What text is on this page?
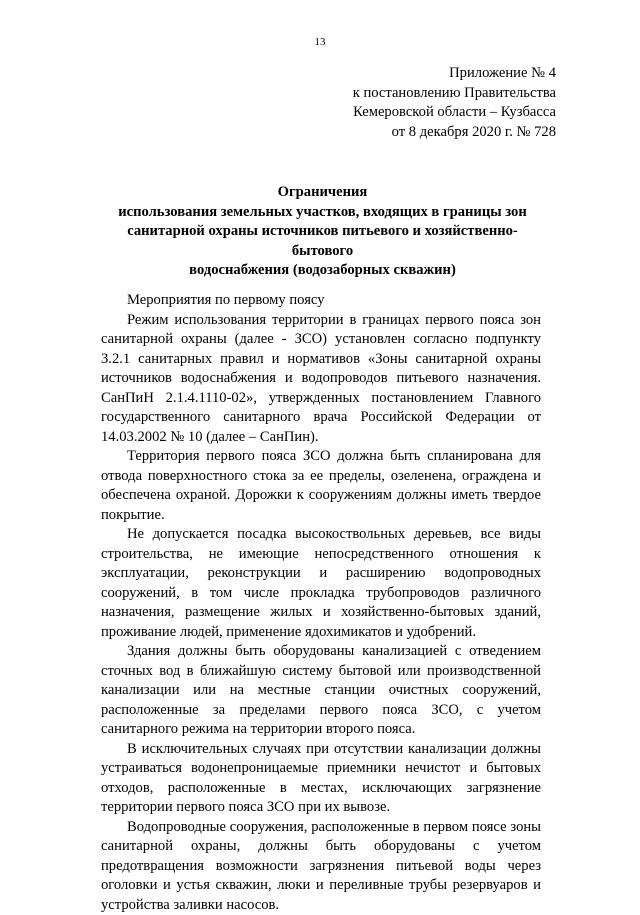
13
Приложение № 4
к постановлению Правительства
Кемеровской области – Кузбасса
от 8 декабря 2020 г. № 728
Ограничения
использования земельных участков, входящих в границы зон
санитарной охраны источников питьевого и хозяйственно-бытового
водоснабжения (водозаборных скважин)

Мероприятия по первому поясу

Режим использования территории в границах первого пояса зон санитарной охраны (далее - ЗСО) установлен согласно подпункту 3.2.1 санитарных правил и нормативов «Зоны санитарной охраны источников водоснабжения и водопроводов питьевого назначения. СанПиН 2.1.4.1110-02», утвержденных постановлением Главного государственного санитарного врача Российской Федерации от 14.03.2002 № 10 (далее – СанПин).

Территория первого пояса ЗСО должна быть спланирована для отвода поверхностного стока за ее пределы, озеленена, ограждена и обеспечена охраной. Дорожки к сооружениям должны иметь твердое покрытие.

Не допускается посадка высокоствольных деревьев, все виды строительства, не имеющие непосредственного отношения к эксплуатации, реконструкции и расширению водопроводных сооружений, в том числе прокладка трубопроводов различного назначения, размещение жилых и хозяйственно-бытовых зданий, проживание людей, применение ядохимикатов и удобрений.

Здания должны быть оборудованы канализацией с отведением сточных вод в ближайшую систему бытовой или производственной канализации или на местные станции очистных сооружений, расположенные за пределами первого пояса ЗСО, с учетом санитарного режима на территории второго пояса.

В исключительных случаях при отсутствии канализации должны устраиваться водонепроницаемые приемники нечистот и бытовых отходов, расположенные в местах, исключающих загрязнение территории первого пояса ЗСО при их вывозе.

Водопроводные сооружения, расположенные в первом поясе зоны санитарной охраны, должны быть оборудованы с учетом предотвращения возможности загрязнения питьевой воды через оголовки и устья скважин, люки и переливные трубы резервуаров и устройства заливки насосов.
